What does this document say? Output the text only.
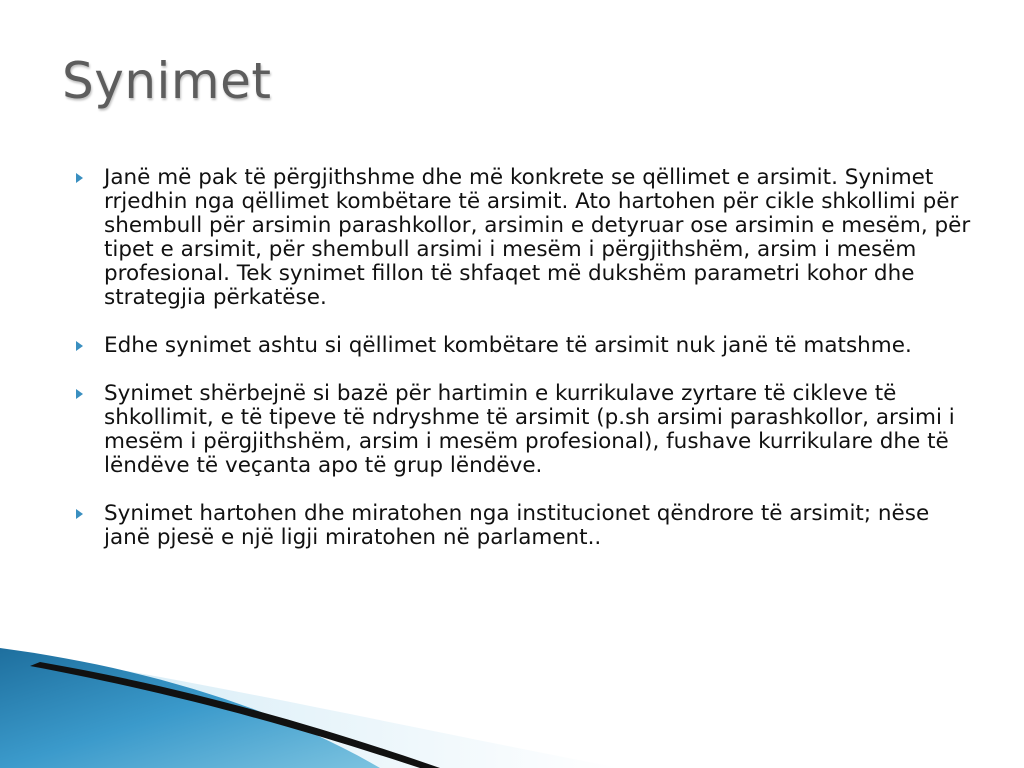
Synimet
Janë më pak të përgjithshme dhe më konkrete se qëllimet e arsimit. Synimet rrjedhin nga qëllimet kombëtare të arsimit. Ato hartohen për cikle shkollimi për shembull për arsimin parashkollor, arsimin e detyruar ose arsimin e mesëm, për tipet e arsimit, për shembull arsimi i mesëm i përgjithshëm, arsim i mesëm profesional. Tek synimet fillon të shfaqet më dukshëm parametri kohor dhe strategjia përkatëse.
Edhe synimet ashtu si qëllimet kombëtare të arsimit nuk janë të matshme.
Synimet shërbejnë si bazë për hartimin e kurrikulave zyrtare të cikleve të shkollimit, e të tipeve të ndryshme të arsimit (p.sh arsimi parashkollor, arsimi i mesëm i përgjithshëm, arsim i mesëm profesional), fushave kurrikulare dhe të lëndëve të veçanta apo të grup lëndëve.
Synimet hartohen dhe miratohen nga institucionet qëndrore të arsimit; nëse janë pjesë e një ligji miratohen në parlament..
